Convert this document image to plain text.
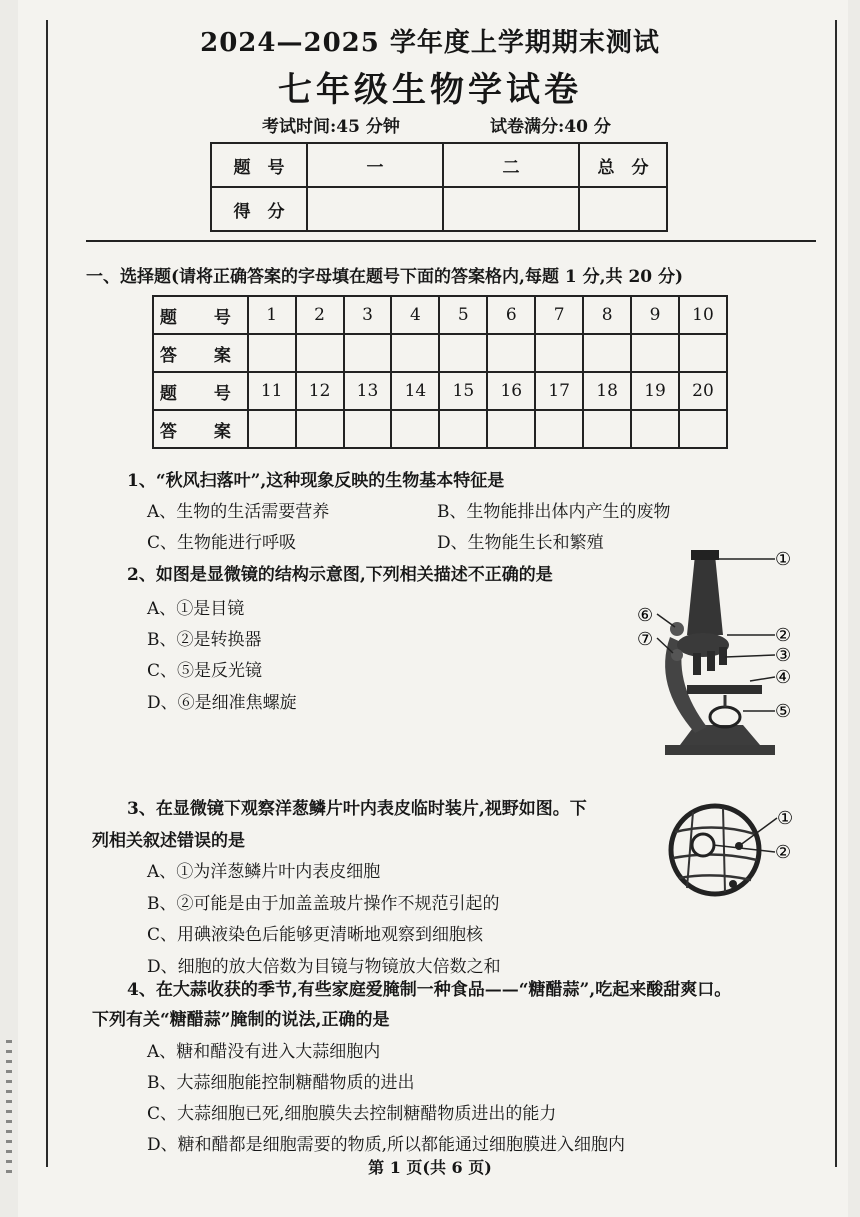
2024—2025 学年度上学期期末测试
七年级生物学试卷
考试时间:45 分钟	试卷满分:40 分
题　号	一	二	总　分
得　分			
一、选择题(请将正确答案的字母填在题号下面的答案格内,每题 1 分,共 20 分)
题　号	1	2	3	4	5	6	7	8	9	10
答　案										
题　号	11	12	13	14	15	16	17	18	19	20
答　案										
1、“秋风扫落叶”,这种现象反映的生物基本特征是
A、生物的生活需要营养	B、生物能排出体内产生的废物
C、生物能进行呼吸	D、生物能生长和繁殖
2、如图是显微镜的结构示意图,下列相关描述不正确的是
A、①是目镜
B、②是转换器
C、⑤是反光镜
D、⑥是细准焦螺旋
①
②
③
④
⑤
⑥
⑦
3、在显微镜下观察洋葱鳞片叶内表皮临时装片,视野如图。下
列相关叙述错误的是
A、①为洋葱鳞片叶内表皮细胞
B、②可能是由于加盖盖玻片操作不规范引起的
C、用碘液染色后能够更清晰地观察到细胞核
D、细胞的放大倍数为目镜与物镜放大倍数之和
①
②
4、在大蒜收获的季节,有些家庭爱腌制一种食品——“糖醋蒜”,吃起来酸甜爽口。
下列有关“糖醋蒜”腌制的说法,正确的是
A、糖和醋没有进入大蒜细胞内
B、大蒜细胞能控制糖醋物质的进出
C、大蒜细胞已死,细胞膜失去控制糖醋物质进出的能力
D、糖和醋都是细胞需要的物质,所以都能通过细胞膜进入细胞内
第 1 页(共 6 页)
